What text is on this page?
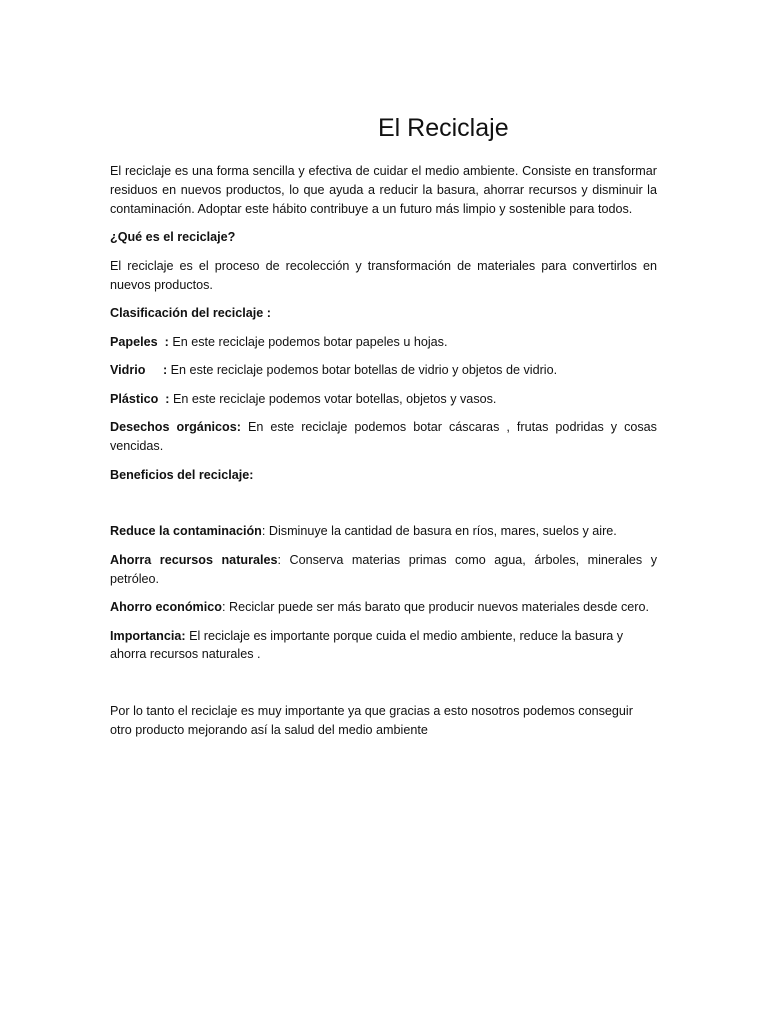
El Reciclaje

El reciclaje es una forma sencilla y efectiva de cuidar el medio ambiente. Consiste en transformar residuos en nuevos productos, lo que ayuda a reducir la basura, ahorrar recursos y disminuir la contaminación. Adoptar este hábito contribuye a un futuro más limpio y sostenible para todos.

¿Qué es el reciclaje?

El reciclaje es el proceso de recolección y transformación de materiales para convertirlos en nuevos productos.

Clasificación del reciclaje :

Papeles  : En este reciclaje podemos botar papeles u hojas.

Vidrio     : En este reciclaje podemos botar botellas de vidrio y objetos de vidrio.

Plástico  : En este reciclaje podemos votar botellas, objetos y vasos.

Desechos orgánicos: En este reciclaje podemos botar cáscaras , frutas podridas y cosas vencidas.

Beneficios del reciclaje:

Reduce la contaminación: Disminuye la cantidad de basura en ríos, mares, suelos y aire.

Ahorra recursos naturales: Conserva materias primas como agua, árboles, minerales y petróleo.

Ahorro económico: Reciclar puede ser más barato que producir nuevos materiales desde cero.

Importancia: El reciclaje es importante porque cuida el medio ambiente, reduce la basura y ahorra recursos naturales .

Por lo tanto el reciclaje es muy importante ya que gracias a esto nosotros podemos conseguir otro producto mejorando así la salud del medio ambiente
